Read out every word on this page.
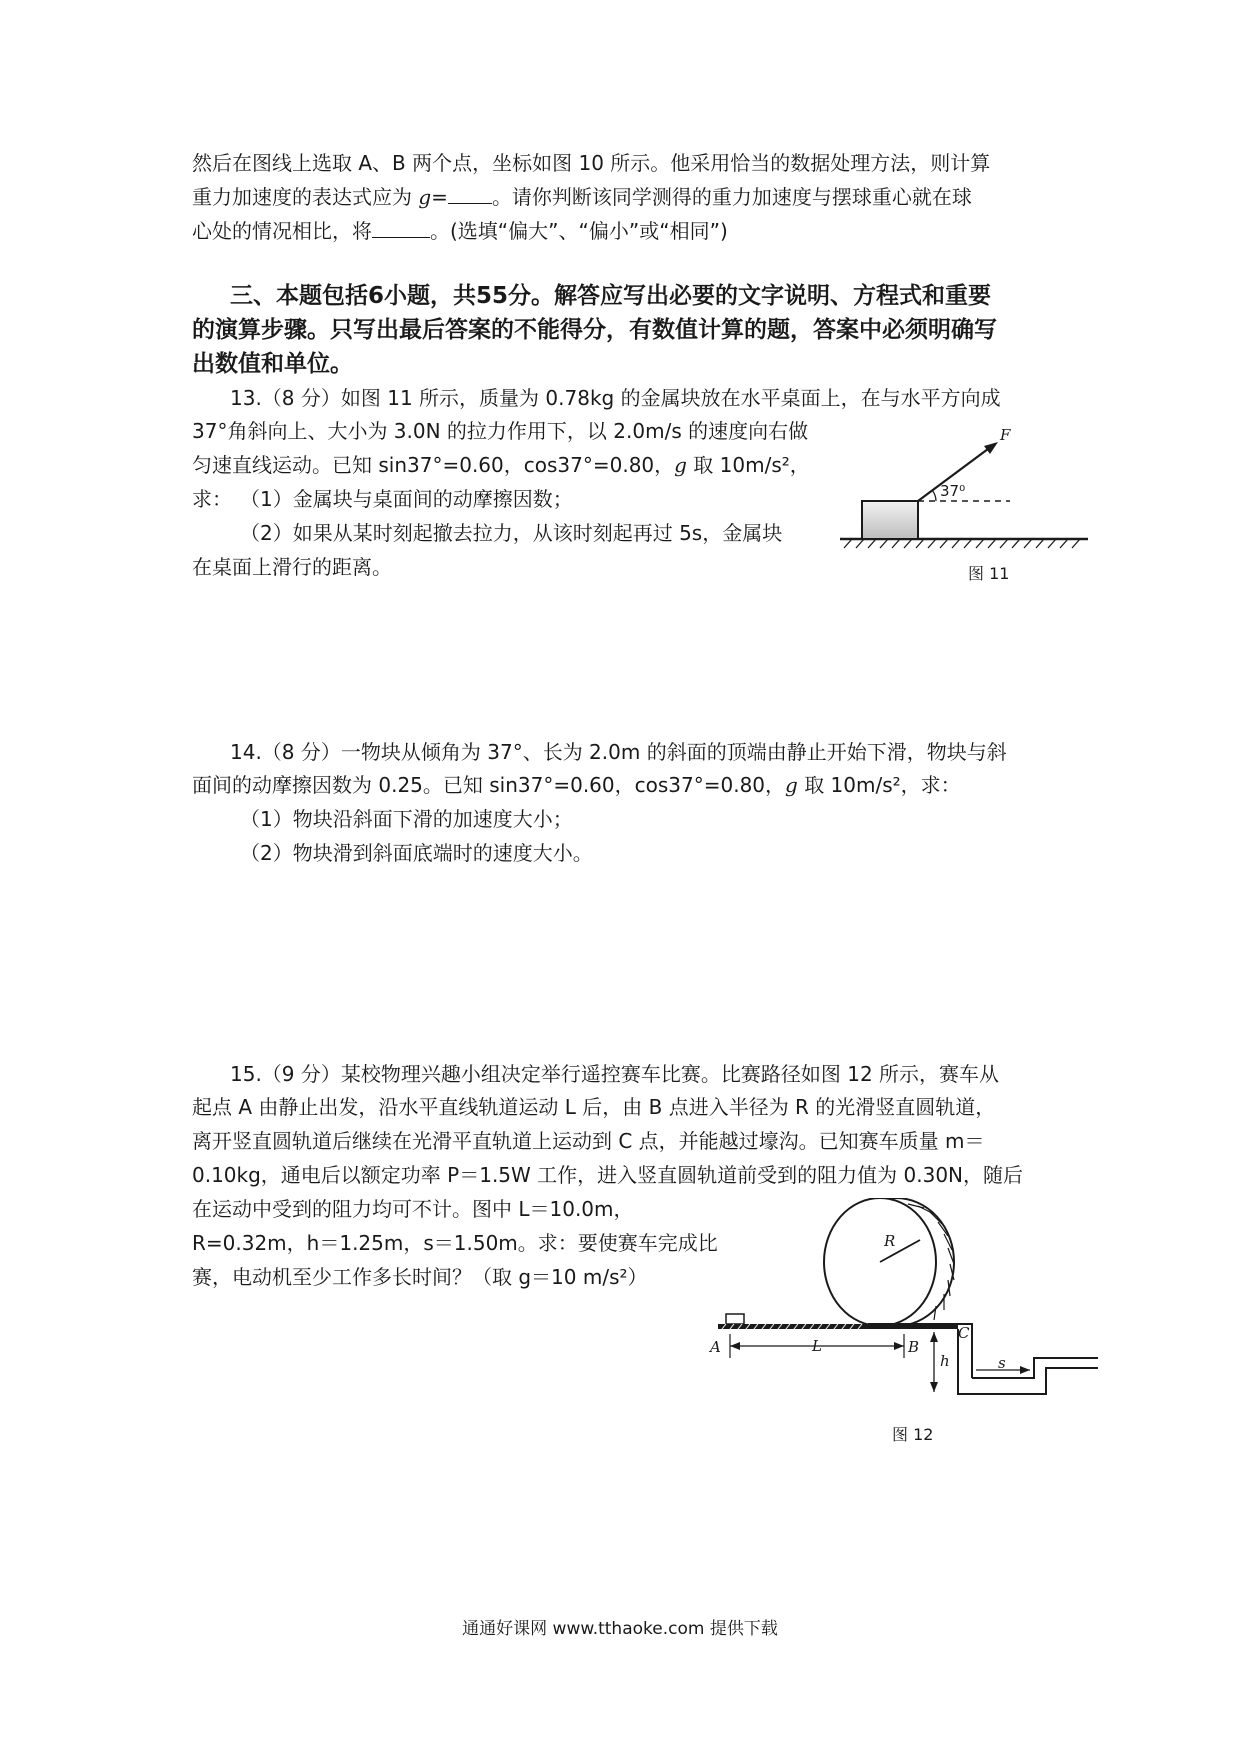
然后在图线上选取 A、B 两个点，坐标如图 10 所示。他采用恰当的数据处理方法，则计算

重力加速度的表达式应为 g= 。请你判断该同学测得的重力加速度与摆球重心就在球

心处的情况相比，将	。(选填“偏大”、“偏小”或“相同”)

三、本题包括6小题，共55分。解答应写出必要的文字说明、方程式和重要

的演算步骤。只写出最后答案的不能得分，有数值计算的题，答案中必须明确写

出数值和单位。

13.（8 分）如图 11 所示，质量为 0.78kg 的金属块放在水平桌面上，在与水平方向成

37°角斜向上、大小为 3.0N 的拉力作用下，以 2.0m/s 的速度向右做

匀速直线运动。已知 sin37°=0.60，cos37°=0.80，g 取 10m/s²，求： （1）金属块与桌面间的动摩擦因数；

（2）如果从某时刻起撤去拉力，从该时刻起再过 5s，金属块

在桌面上滑行的距离。

F
37⁰
图 11

14.（8 分）一物块从倾角为 37°、长为 2.0m 的斜面的顶端由静止开始下滑，物块与斜

面间的动摩擦因数为 0.25。已知 sin37°=0.60，cos37°=0.80，g 取 10m/s²，求：

（1）物块沿斜面下滑的加速度大小；

（2）物块滑到斜面底端时的速度大小。

15.（9 分）某校物理兴趣小组决定举行遥控赛车比赛。比赛路径如图 12 所示，赛车从

起点 A 由静止出发，沿水平直线轨道运动 L 后，由 B 点进入半径为 R 的光滑竖直圆轨道，

离开竖直圆轨道后继续在光滑平直轨道上运动到 C 点，并能越过壕沟。已知赛车质量 m＝

0.10kg，通电后以额定功率 P＝1.5W 工作，进入竖直圆轨道前受到的阻力值为 0.30N，随后

在运动中受到的阻力均可不计。图中 L＝10.0m，

R=0.32m，h＝1.25m，s＝1.50m。求：要使赛车完成比

赛，电动机至少工作多长时间？（取 g＝10 m/s²）

R
A	L	B
C
h	s
图 12
通通好课网 www.tthaoke.com 提供下载
